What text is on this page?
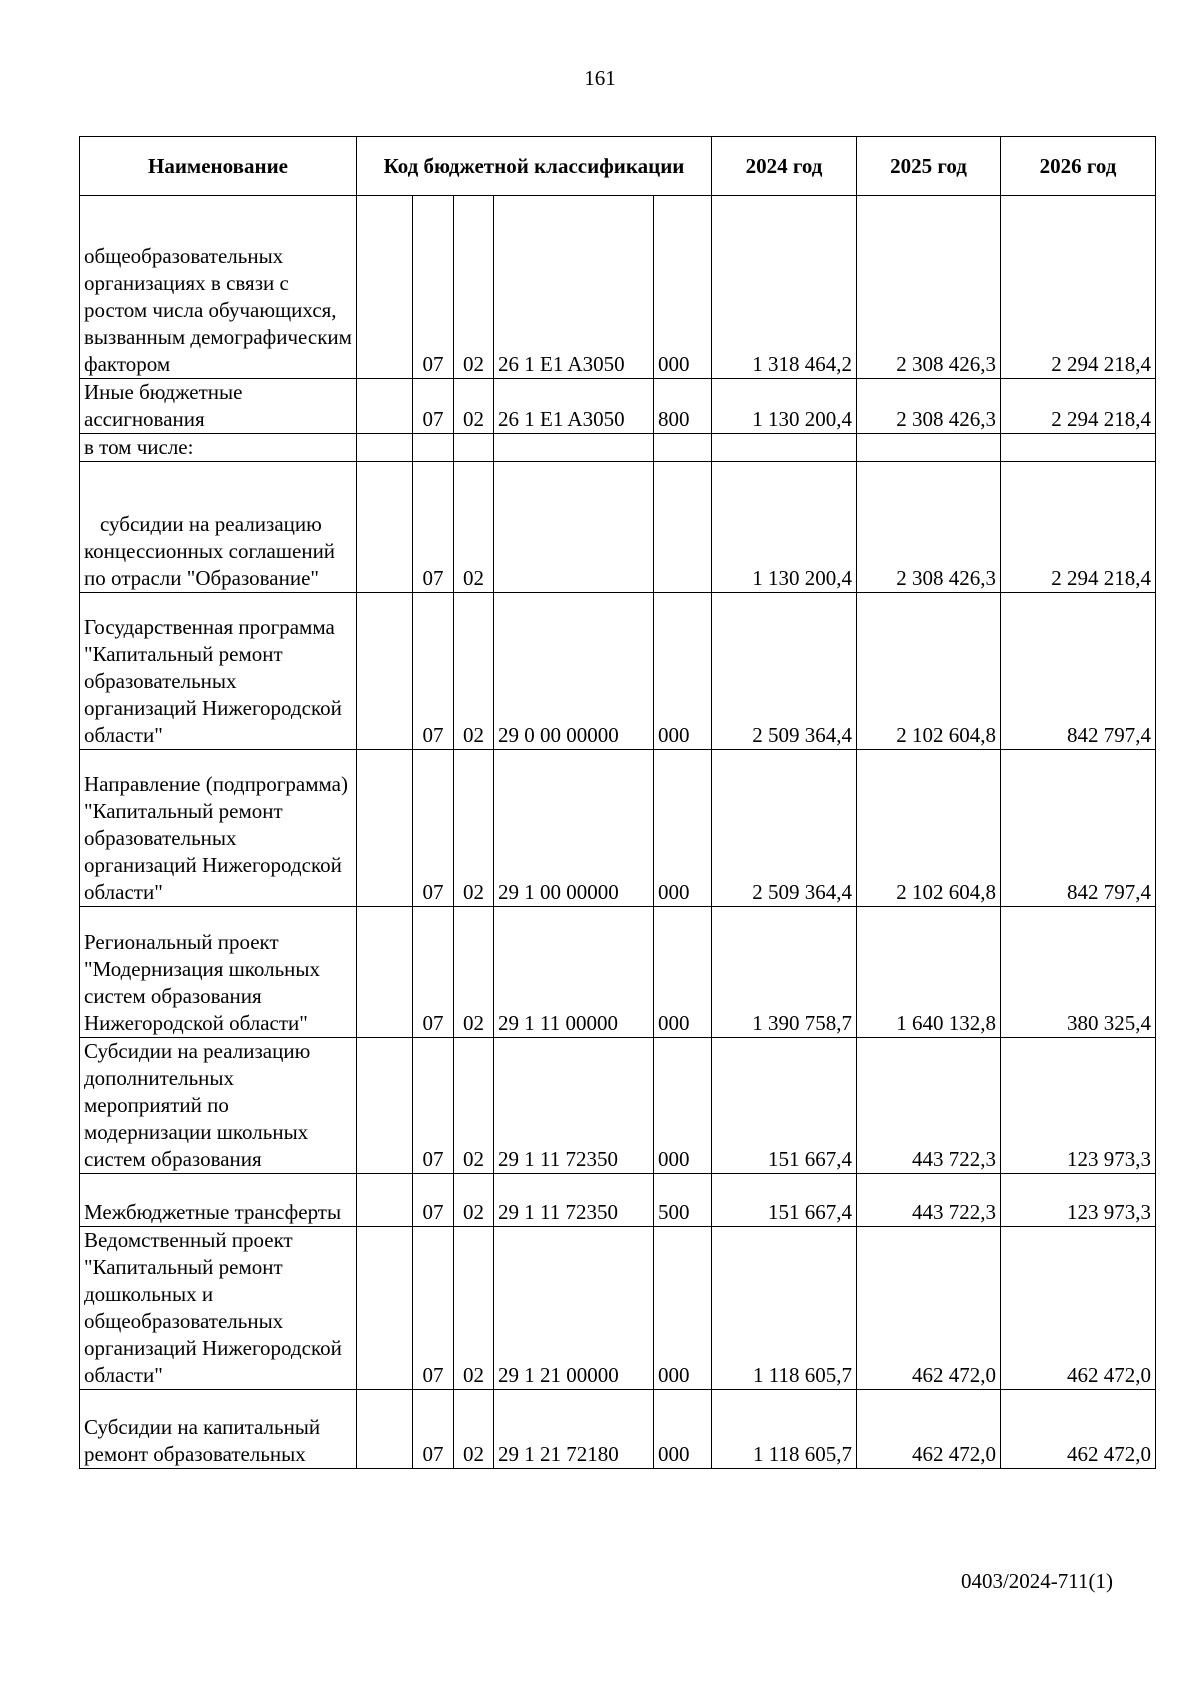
161
Наименование	Код бюджетной классификации					2024 год	2025 год	2026 год
общеобразовательных организациях в связи с ростом числа обучающихся, вызванным демографическим фактором		07	02	26 1 E1 A3050	000	1 318 464,2	2 308 426,3	2 294 218,4
Иные бюджетные ассигнования		07	02	26 1 E1 A3050	800	1 130 200,4	2 308 426,3	2 294 218,4
в том числе:								
субсидии на реализацию концессионных соглашений по отрасли "Образование"		07	02			1 130 200,4	2 308 426,3	2 294 218,4
Государственная программа "Капитальный ремонт образовательных организаций Нижегородской области"		07	02	29 0 00 00000	000	2 509 364,4	2 102 604,8	842 797,4
Направление (подпрограмма) "Капитальный ремонт образовательных организаций Нижегородской области"		07	02	29 1 00 00000	000	2 509 364,4	2 102 604,8	842 797,4
Региональный проект "Модернизация школьных систем образования Нижегородской области"		07	02	29 1 11 00000	000	1 390 758,7	1 640 132,8	380 325,4
Субсидии на реализацию дополнительных мероприятий по модернизации школьных систем образования		07	02	29 1 11 72350	000	151 667,4	443 722,3	123 973,3
Межбюджетные трансферты		07	02	29 1 11 72350	500	151 667,4	443 722,3	123 973,3
Ведомственный проект "Капитальный ремонт дошкольных и общеобразовательных организаций Нижегородской области"		07	02	29 1 21 00000	000	1 118 605,7	462 472,0	462 472,0
Субсидии на капитальный ремонт образовательных		07	02	29 1 21 72180	000	1 118 605,7	462 472,0	462 472,0
0403/2024-711(1)
